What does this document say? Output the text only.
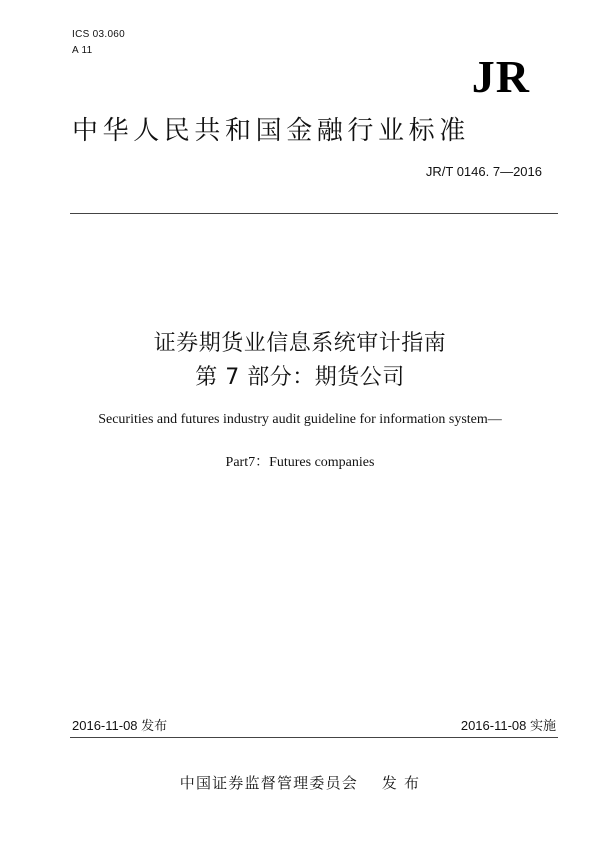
ICS 03.060
A 11
JR
中华人民共和国金融行业标准
JR/T 0146. 7—2016
证券期货业信息系统审计指南
第 7 部分：期货公司
Securities and futures industry audit guideline for information system—
Part7：Futures companies
2016-11-08 发布	2016-11-08 实施
中国证券监督管理委员会    发 布
